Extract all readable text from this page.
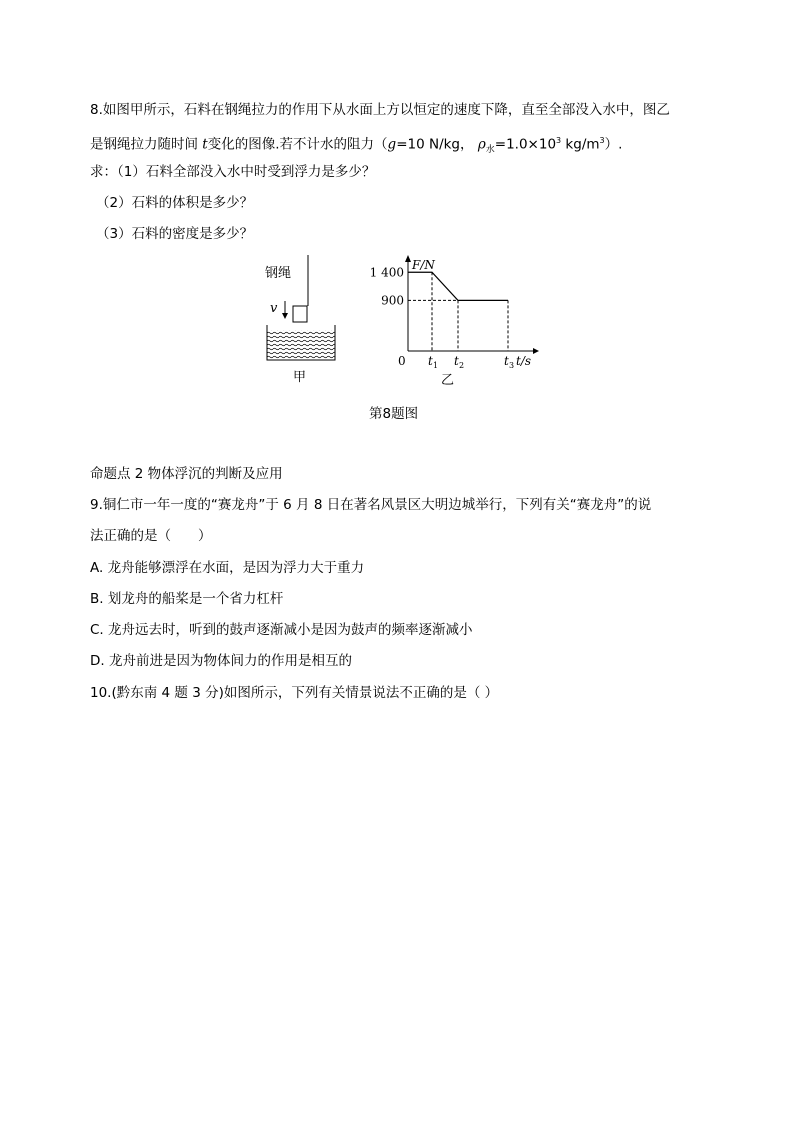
8.如图甲所示，石料在钢绳拉力的作用下从水面上方以恒定的速度下降，直至全部没入水中，图乙
是钢绳拉力随时间 t变化的图像.若不计水的阻力（g=10 N/kg， $\rho_水=1.0\times 10^3$ $kg/m^3$）.
求：（1）石料全部没入水中时受到浮力是多少？
（2）石料的体积是多少？
（3）石料的密度是多少？
钢绳
v
甲
1 400
900
F/N
t/s
0 t 1 t 2	t 3
乙
第8题图
命题点 2 物体浮沉的判断及应用
9.铜仁市一年一度的“赛龙舟”于 6 月 8 日在著名风景区大明边城举行，下列有关“赛龙舟”的说
法正确的是（　　）
A. 龙舟能够漂浮在水面，是因为浮力大于重力
B. 划龙舟的船桨是一个省力杠杆
C. 龙舟远去时，听到的鼓声逐渐减小是因为鼓声的频率逐渐减小
D. 龙舟前进是因为物体间力的作用是相互的
10.(黔东南 4 题 3 分)如图所示，下列有关情景说法不正确的是（ ）
